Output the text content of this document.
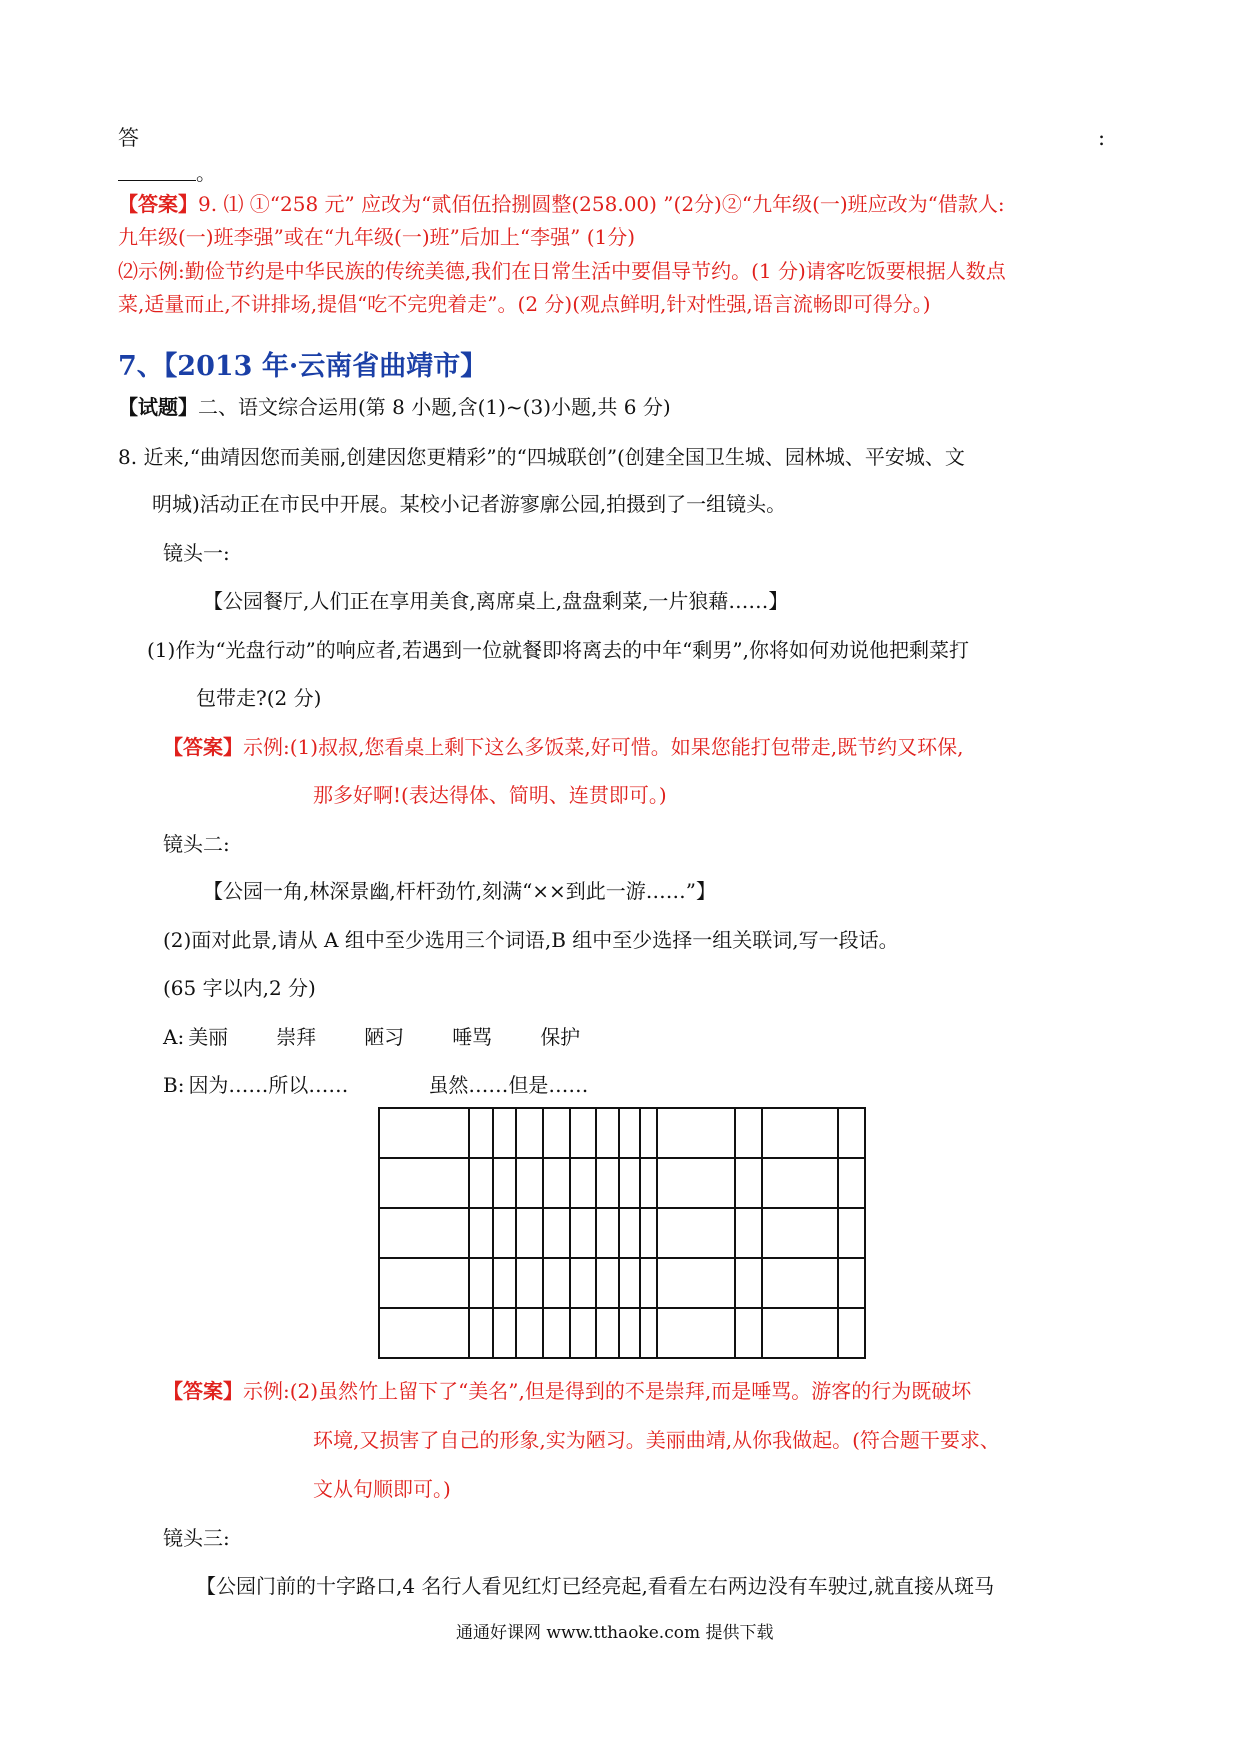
答	:
。
【答案】9. ⑴ ①“258 元” 应改为“贰佰伍拾捌圆整(258.00) ”(2分)②“九年级(一)班应改为“借款人:
九年级(一)班李强”或在“九年级(一)班”后加上“李强” (1分)
⑵示例:勤俭节约是中华民族的传统美德,我们在日常生活中要倡导节约。(1 分)请客吃饭要根据人数点
菜,适量而止,不讲排场,提倡“吃不完兜着走”。(2 分)(观点鲜明,针对性强,语言流畅即可得分。)
7、【2013 年·云南省曲靖市】
【试题】二、语文综合运用(第 8 小题,含(1)~(3)小题,共 6 分)
8. 近来,“曲靖因您而美丽,创建因您更精彩”的“四城联创”(创建全国卫生城、园林城、平安城、文
明城)活动正在市民中开展。某校小记者游寥廓公园,拍摄到了一组镜头。
镜头一:
【公园餐厅,人们正在享用美食,离席桌上,盘盘剩菜,一片狼藉……】
(1)作为“光盘行动”的响应者,若遇到一位就餐即将离去的中年“剩男”,你将如何劝说他把剩菜打
包带走?(2 分)
【答案】示例:(1)叔叔,您看桌上剩下这么多饭菜,好可惜。如果您能打包带走,既节约又环保,
那多好啊!(表达得体、简明、连贯即可。)
镜头二:
【公园一角,林深景幽,杆杆劲竹,刻满“××到此一游……”】
(2)面对此景,请从 A 组中至少选用三个词语,B 组中至少选择一组关联词,写一段话。
(65 字以内,2 分)
A: 美丽 崇拜 陋习 唾骂 保护
B: 因为……所以……	虽然……但是……

【答案】示例:(2)虽然竹上留下了“美名”,但是得到的不是崇拜,而是唾骂。游客的行为既破坏
环境,又损害了自己的形象,实为陋习。美丽曲靖,从你我做起。(符合题干要求、
文从句顺即可。)
镜头三:
【公园门前的十字路口,4 名行人看见红灯已经亮起,看看左右两边没有车驶过,就直接从斑马
通通好课网 www.tthaoke.com 提供下载
